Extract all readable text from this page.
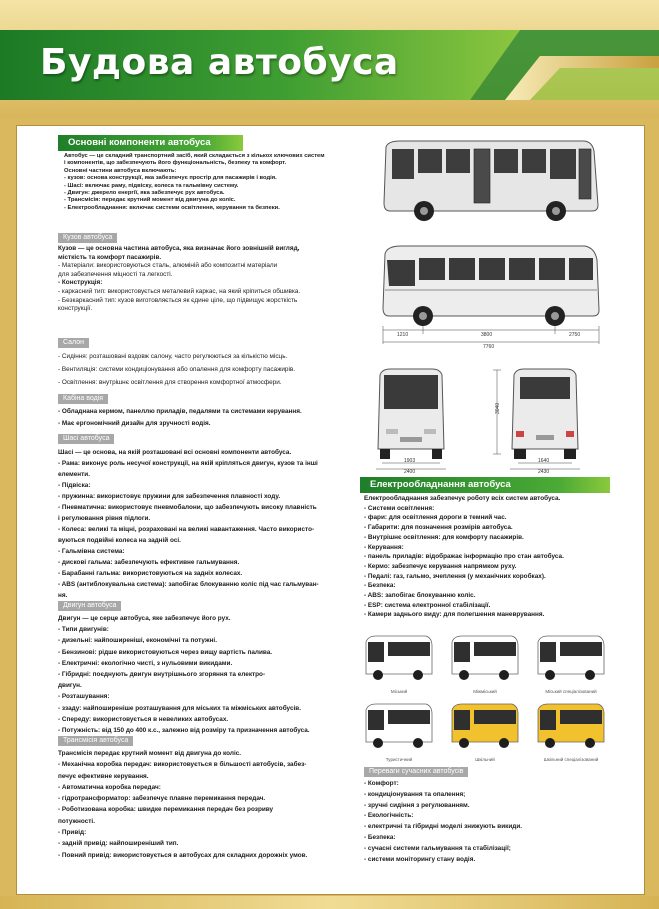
Будова автобуса
Основні компоненти автобуса
Автобус — це складний транспортний засіб, який складається з кількох ключових систем
і компонентів, що забезпечують його функціональність, безпеку та комфорт.
Основні частини автобуса включають:
- кузов: основа конструкції, яка забезпечує простір для пасажирів і водія.
- Шасі: включає раму, підвіску, колеса та гальмівну систему.
- Двигун: джерело енергії, яка забезпечує рух автобуса.
- Трансмісія: передає крутний момент від двигуна до коліс.
- Електрообладнання: включає системи освітлення, керування та безпеки.
Кузов автобуса
Кузов — це основна частина автобуса, яка визначає його зовнішній вигляд,
місткість та комфорт пасажирів.
- Матеріали: використовуються сталь, алюміній або композитні матеріали
для забезпечення міцності та легкості.
- Конструкція:
- каркасний тип: використовується металевий каркас, на який кріпиться обшивка.
- Безкаркасний тип: кузов виготовляється як єдине ціле, що підвищує жорсткість
конструкції.
Салон
- Сидіння: розташовані вздовж салону, часто регулюються за кількістю місць.
- Вентиляція: системи кондиціонування або опалення для комфорту пасажирів.
- Освітлення: внутрішнє освітлення для створення комфортної атмосфери.
Кабіна водія
- Обладнана кермом, панеллю приладів, педалями та системами керування.
- Має ергономічний дизайн для зручності водія.
Шасі автобуса
Шасі — це основа, на якій розташовані всі основні компоненти автобуса.
- Рама: виконує роль несучої конструкції, на якій кріпляться двигун, кузов та інші
елементи.
- Підвіска:
- пружинна: використовує пружини для забезпечення плавності ходу.
- Пневматична: використовує пневмобалони, що забезпечують високу плавність
і регулювання рівня підлоги.
- Колеса: великі та міцні, розраховані на великі навантаження. Часто використо-
вуються подвійні колеса на задній осі.
- Гальмівна система:
- дискові гальма: забезпечують ефективне гальмування.
- Барабанні гальма: використовуються на задніх колесах.
- ABS (антиблокувальна система): запобігає блокуванню коліс під час гальмуван-
ня.
Двигун автобуса
Двигун — це серце автобуса, яке забезпечує його рух.
- Типи двигунів:
- дизельні: найпоширеніші, економічні та потужні.
- Бензинові: рідше використовуються через вищу вартість палива.
- Електричні: екологічно чисті, з нульовими викидами.
- Гібридні: поєднують двигун внутрішнього згоряння та електро-
двигун.
- Розташування:
- ззаду: найпоширеніше розташування для міських та міжміських автобусів.
- Спереду: використовується в невеликих автобусах.
- Потужність: від 150 до 400 к.с., залежно від розміру та призначення автобуса.
Трансмісія автобуса
Трансмісія передає крутний момент від двигуна до коліс.
- Механічна коробка передач: використовується в більшості автобусів, забез-
печує ефективне керування.
- Автоматична коробка передач:
- гідротрансформатор: забезпечує плавне перемикання передач.
- Роботизована коробка: швидке перемикання передач без розриву
потужності.
- Привід:
- задній привід: найпоширеніший тип.
- Повний привід: використовується в автобусах для складних дорожніх умов.
1210	3800	2750
7760
1903
2400
3040
1640
2430
Електрообладнання автобуса
Електрообладнання забезпечує роботу всіх систем автобуса.
- Системи освітлення:
- фари: для освітлення дороги в темний час.
- Габарити: для позначення розмірів автобуса.
- Внутрішнє освітлення: для комфорту пасажирів.
- Керування:
- панель приладів: відображає інформацію про стан автобуса.
- Кермо: забезпечує керування напрямком руху.
- Педалі: газ, гальмо, зчеплення (у механічних коробках).
- Безпека:
- ABS: запобігає блокуванню коліс.
- ESP: система електронної стабілізації.
- Камери заднього виду: для полегшення маневрування.
Міський	Міжміський	Міський спеціалізований
Туристичний	Шкільний	Шкільний спеціалізований
Переваги сучасних автобусів
- Комфорт:
- кондиціонування та опалення;
- зручні сидіння з регулюванням.
- Екологічність:
- електричні та гібридні моделі знижують викиди.
- Безпека:
- сучасні системи гальмування та стабілізації;
- системи моніторингу стану водія.
